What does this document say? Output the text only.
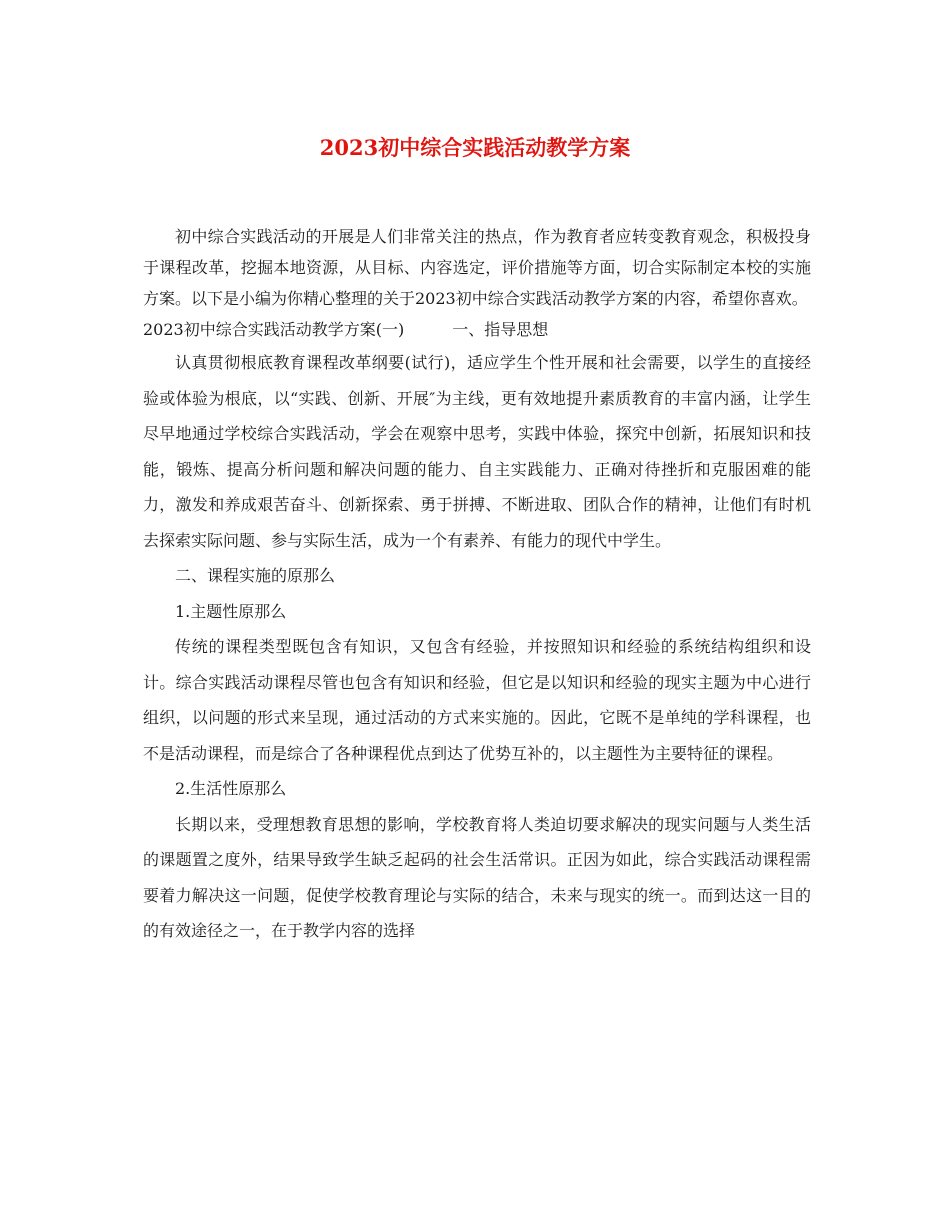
2023初中综合实践活动教学方案

初中综合实践活动的开展是人们非常关注的热点，作为教育者应转变教育观念，积极投身于课程改革，挖掘本地资源，从目标、内容选定，评价措施等方面，切合实际制定本校的实施方案。以下是小编为你精心整理的关于2023初中综合实践活动教学方案的内容，希望你喜欢。

2023初中综合实践活动教学方案(一)	一、指导思想

认真贯彻根底教育课程改革纲要(试行)，适应学生个性开展和社会需要，以学生的直接经验或体验为根底，以“实践、创新、开展″为主线，更有效地提升素质教育的丰富内涵，让学生尽早地通过学校综合实践活动，学会在观察中思考，实践中体验，探究中创新，拓展知识和技能，锻炼、提高分析问题和解决问题的能力、自主实践能力、正确对待挫折和克服困难的能力，激发和养成艰苦奋斗、创新探索、勇于拼搏、不断进取、团队合作的精神，让他们有时机去探索实际问题、参与实际生活，成为一个有素养、有能力的现代中学生。

二、课程实施的原那么

1.主题性原那么

传统的课程类型既包含有知识，又包含有经验，并按照知识和经验的系统结构组织和设计。综合实践活动课程尽管也包含有知识和经验，但它是以知识和经验的现实主题为中心进行组织，以问题的形式来呈现，通过活动的方式来实施的。因此，它既不是单纯的学科课程，也不是活动课程，而是综合了各种课程优点到达了优势互补的，以主题性为主要特征的课程。

2.生活性原那么

长期以来，受理想教育思想的影响，学校教育将人类迫切要求解决的现实问题与人类生活的课题置之度外，结果导致学生缺乏起码的社会生活常识。正因为如此，综合实践活动课程需要着力解决这一问题，促使学校教育理论与实际的结合，未来与现实的统一。而到达这一目的的有效途径之一，在于教学内容的选择
